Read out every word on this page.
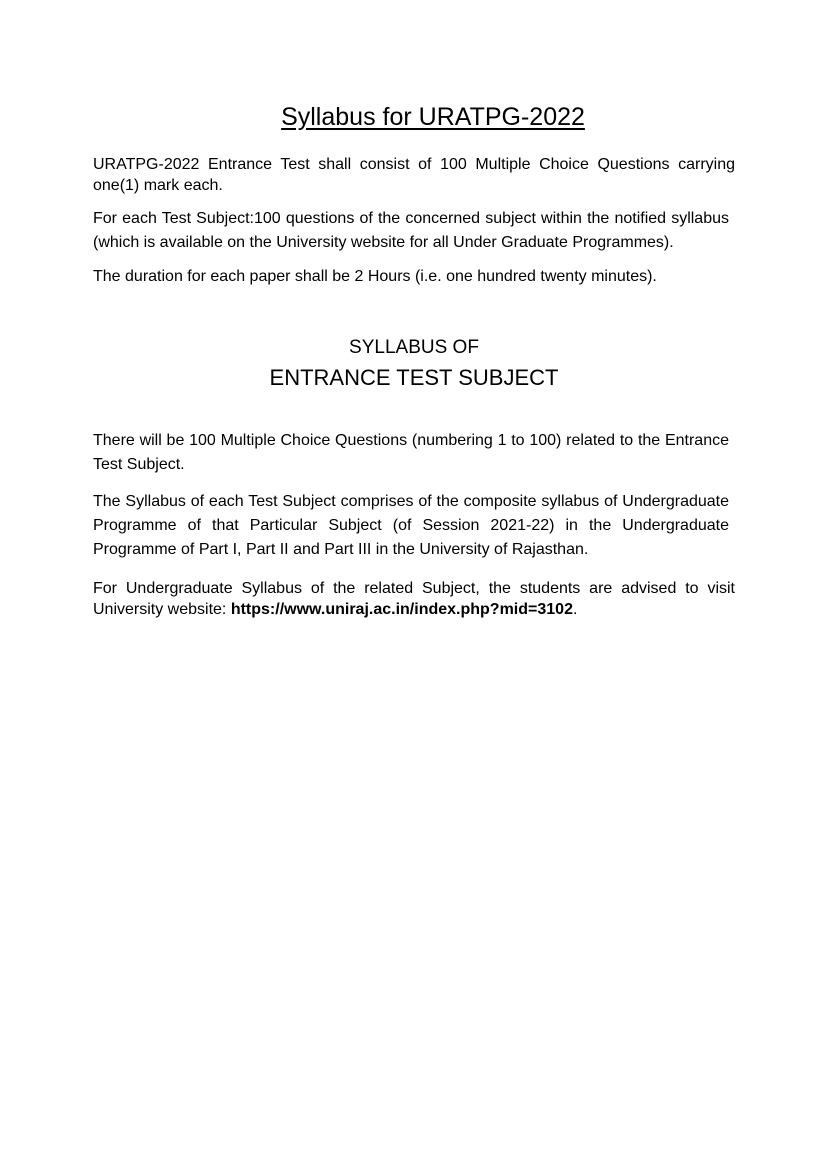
Syllabus for URATPG-2022

URATPG-2022 Entrance Test shall consist of 100 Multiple Choice Questions carrying one(1) mark each.

For each Test Subject:100 questions of the concerned subject within the notified syllabus (which is available on the University website for all Under Graduate Programmes).

The duration for each paper shall be 2 Hours (i.e. one hundred twenty minutes).

SYLLABUS OF
ENTRANCE TEST SUBJECT

There will be 100 Multiple Choice Questions (numbering 1 to 100) related to the Entrance Test Subject.

The Syllabus of each Test Subject comprises of the composite syllabus of Undergraduate Programme of that Particular Subject (of Session 2021-22) in the Undergraduate Programme of Part I, Part II and Part III in the University of Rajasthan.

For Undergraduate Syllabus of the related Subject, the students are advised to visit University website: https://www.uniraj.ac.in/index.php?mid=3102.
